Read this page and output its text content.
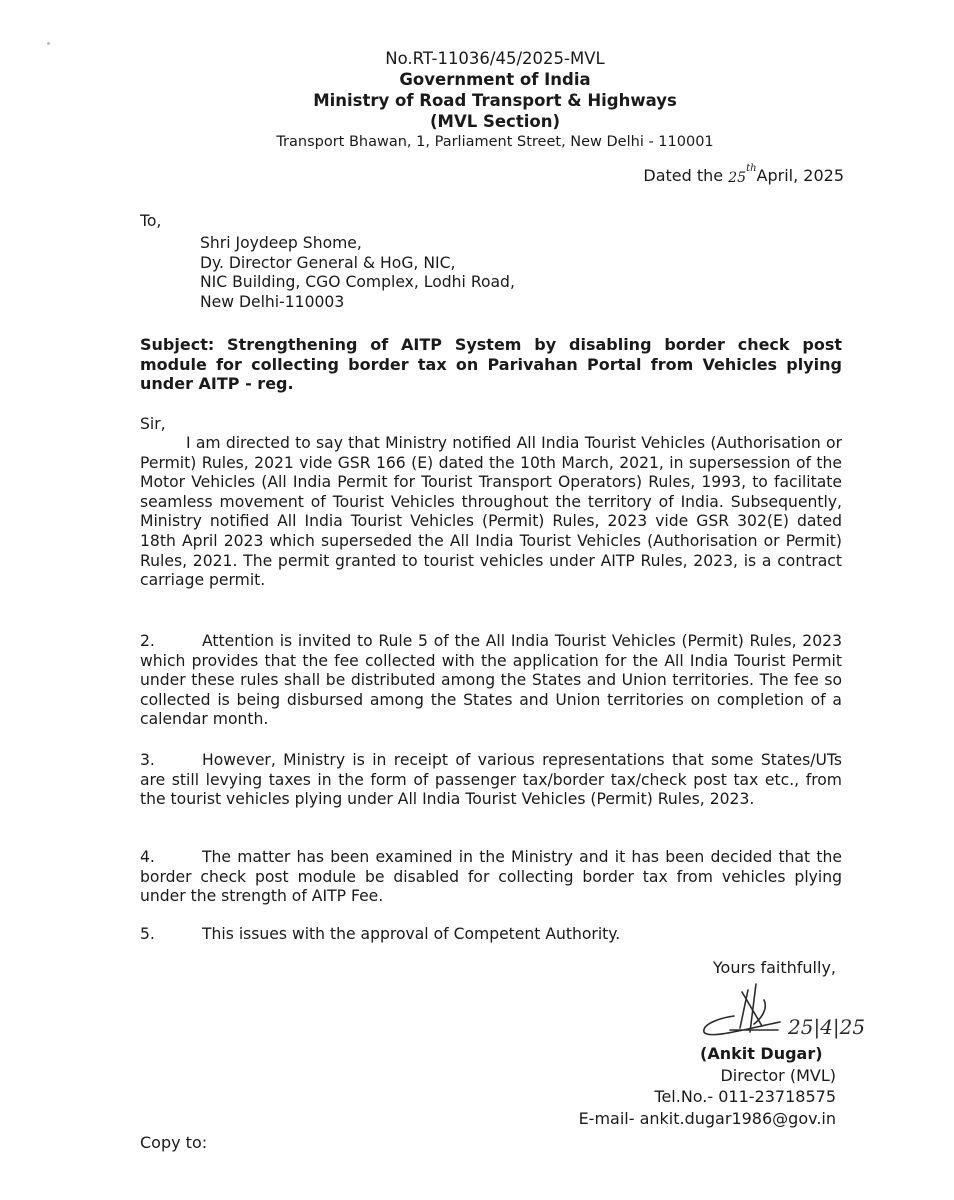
No.RT-11036/45/2025-MVL
Government of India
Ministry of Road Transport & Highways
(MVL Section)
Transport Bhawan, 1, Parliament Street, New Delhi - 110001
Dated the 25thApril, 2025
To,
Shri Joydeep Shome,
Dy. Director General & HoG, NIC,
NIC Building, CGO Complex, Lodhi Road,
New Delhi-110003
Subject: Strengthening of AITP System by disabling border check post module for collecting border tax on Parivahan Portal from Vehicles plying under AITP - reg.
Sir,
I am directed to say that Ministry notified All India Tourist Vehicles (Authorisation or Permit) Rules, 2021 vide GSR 166 (E) dated the 10th March, 2021, in supersession of the Motor Vehicles (All India Permit for Tourist Transport Operators) Rules, 1993, to facilitate seamless movement of Tourist Vehicles throughout the territory of India. Subsequently, Ministry notified All India Tourist Vehicles (Permit) Rules, 2023 vide GSR 302(E) dated 18th April 2023 which superseded the All India Tourist Vehicles (Authorisation or Permit) Rules, 2021. The permit granted to tourist vehicles under AITP Rules, 2023, is a contract carriage permit.
2.	Attention is invited to Rule 5 of the All India Tourist Vehicles (Permit) Rules, 2023 which provides that the fee collected with the application for the All India Tourist Permit under these rules shall be distributed among the States and Union territories. The fee so collected is being disbursed among the States and Union territories on completion of a calendar month.
3.	However, Ministry is in receipt of various representations that some States/UTs are still levying taxes in the form of passenger tax/border tax/check post tax etc., from the tourist vehicles plying under All India Tourist Vehicles (Permit) Rules, 2023.
4.	The matter has been examined in the Ministry and it has been decided that the border check post module be disabled for collecting border tax from vehicles plying under the strength of AITP Fee.
5.	This issues with the approval of Competent Authority.
Yours faithfully,
25|4|25
(Ankit Dugar)
Director (MVL)
Tel.No.- 011-23718575
E-mail- ankit.dugar1986@gov.in
Copy to:
